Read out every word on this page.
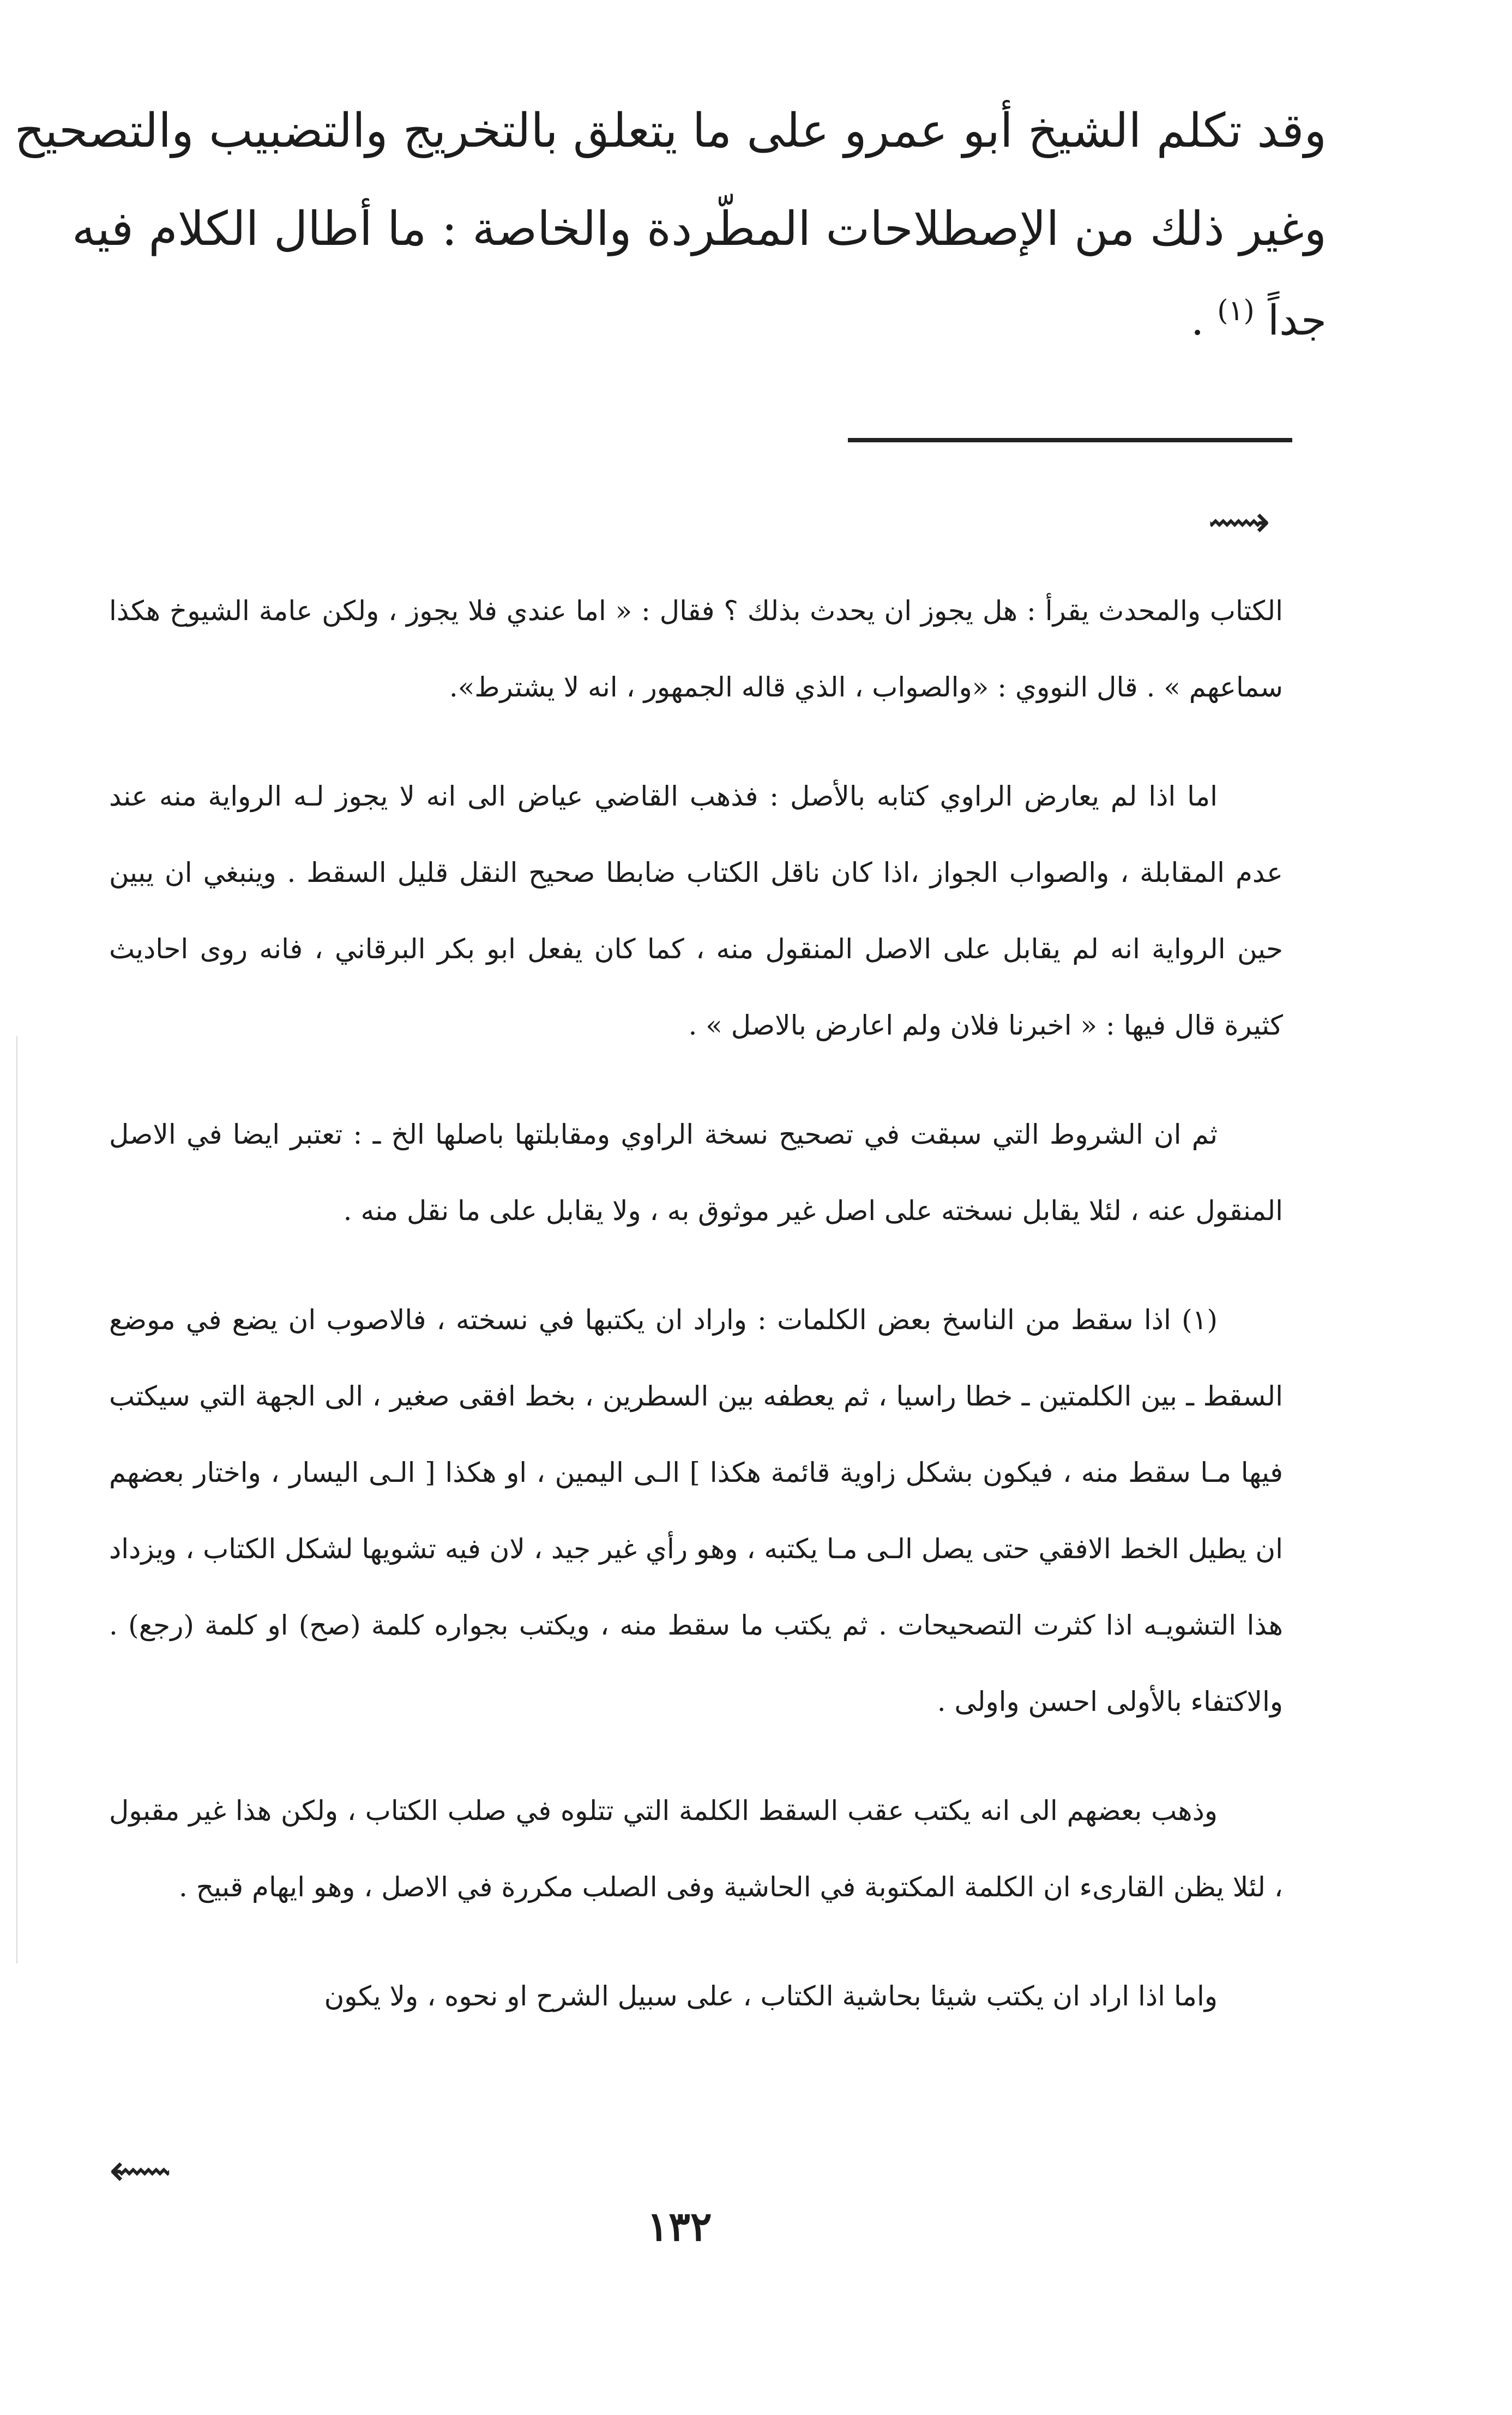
وقد تكلم الشيخ أبو عمرو على ما يتعلق بالتخريج والتضبيب والتصحيح

وغير ذلك من الإصطلاحات المطّردة والخاصة : ما أطال الكلام فيه

جداً $^{(١)}$ .

⟿

الكتاب والمحدث يقرأ : هل يجوز ان يحدث بذلك ؟ فقال : « اما عندي فلا يجوز ، ولكن عامة الشيوخ هكذا سماعهم » . قال النووي : «والصواب ، الذي قاله الجمهور ، انه لا يشترط».

اما اذا لم يعارض الراوي كتابه بالأصل : فذهب القاضي عياض الى انه لا يجوز لـه الرواية منه عند عدم المقابلة ، والصواب الجواز ،اذا كان ناقل الكتاب ضابطا صحيح النقل قليل السقط . وينبغي ان يبين حين الرواية انه لم يقابل على الاصل المنقول منه ، كما كان يفعل ابو بكر البرقاني ، فانه روى احاديث كثيرة قال فيها : « اخبرنا فلان ولم اعارض بالاصل » .

ثم ان الشروط التي سبقت في تصحيح نسخة الراوي ومقابلتها باصلها الخ ـ : تعتبر ايضا في الاصل المنقول عنه ، لئلا يقابل نسخته على اصل غير موثوق به ، ولا يقابل على ما نقل منه .

(١) اذا سقط من الناسخ بعض الكلمات : واراد ان يكتبها في نسخته ، فالاصوب ان يضع في موضع السقط ـ بين الكلمتين ـ خطا راسيا ، ثم يعطفه بين السطرين ، بخط افقى صغير ، الى الجهة التي سيكتب فيها مـا سقط منه ، فيكون بشكل زاوية قائمة هكذا ] الـى اليمين ، او هكذا [ الـى اليسار ، واختار بعضهم ان يطيل الخط الافقي حتى يصل الـى مـا يكتبه ، وهو رأي غير جيد ، لان فيه تشويها لشكل الكتاب ، ويزداد هذا التشويـه اذا كثرت التصحيحات . ثم يكتب ما سقط منه ، ويكتب بجواره كلمة (صح) او كلمة (رجع) . والاكتفاء بالأولى احسن واولى .

وذهب بعضهم الى انه يكتب عقب السقط الكلمة التي تتلوه في صلب الكتاب ، ولكن هذا غير مقبول ، لئلا يظن القارىء ان الكلمة المكتوبة في الحاشية وفى الصلب مكررة في الاصل ، وهو ايهام قبيح .

واما اذا اراد ان يكتب شيئا بحاشية الكتاب ، على سبيل الشرح او نحوه ، ولا يكون

⟿
١٣٢
